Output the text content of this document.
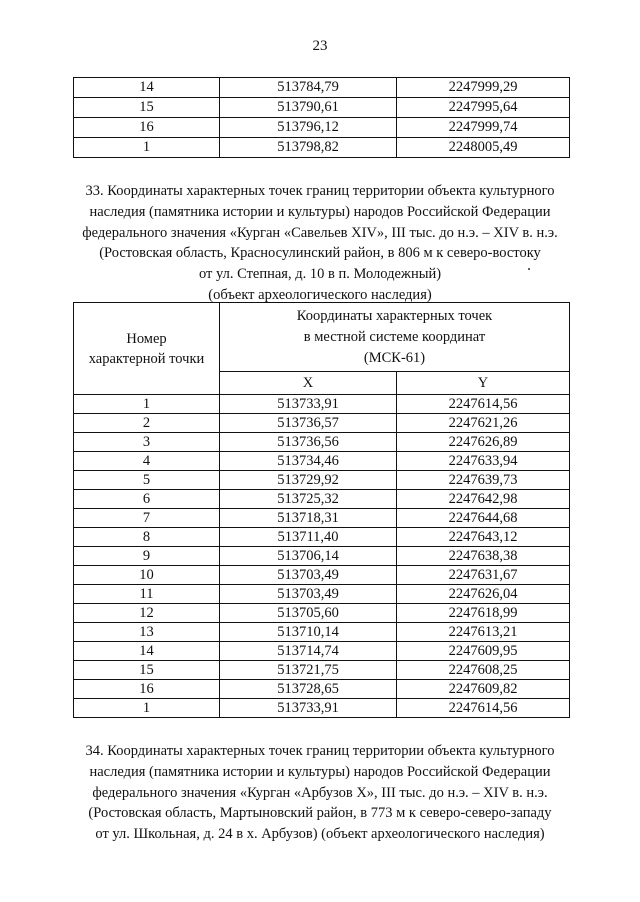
23
14	513784,79	2247999,29
15	513790,61	2247995,64
16	513796,12	2247999,74
1	513798,82	2248005,49
33. Координаты характерных точек границ территории объекта культурного
наследия (памятника истории и культуры) народов Российской Федерации
федерального значения «Курган «Савельев XIV», III тыс. до н.э. – XIV в. н.э.
(Ростовская область, Красносулинский район, в 806 м к северо-востоку
от ул. Степная, д. 10 в п. Молодежный)
(объект археологического наследия)
Номер
характерной точки	Координаты характерных точек
в местной системе координат
(МСК-61)	
	X	Y
1	513733,91	2247614,56
2	513736,57	2247621,26
3	513736,56	2247626,89
4	513734,46	2247633,94
5	513729,92	2247639,73
6	513725,32	2247642,98
7	513718,31	2247644,68
8	513711,40	2247643,12
9	513706,14	2247638,38
10	513703,49	2247631,67
11	513703,49	2247626,04
12	513705,60	2247618,99
13	513710,14	2247613,21
14	513714,74	2247609,95
15	513721,75	2247608,25
16	513728,65	2247609,82
1	513733,91	2247614,56
34. Координаты характерных точек границ территории объекта культурного
наследия (памятника истории и культуры) народов Российской Федерации
федерального значения «Курган «Арбузов X», III тыс. до н.э. – XIV в. н.э.
(Ростовская область, Мартыновский район, в 773 м к северо-северо-западу
от ул. Школьная, д. 24 в х. Арбузов) (объект археологического наследия)
